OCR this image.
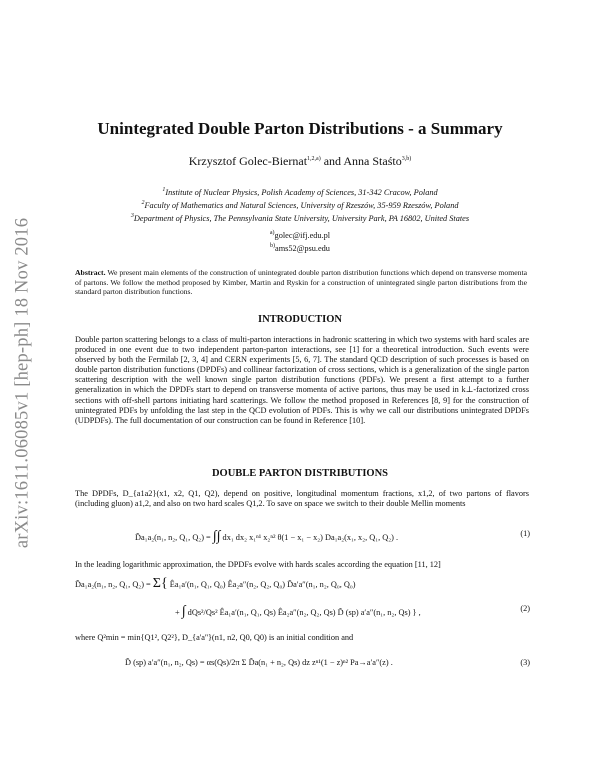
arXiv:1611.06085v1 [hep-ph] 18 Nov 2016
Unintegrated Double Parton Distributions - a Summary
Krzysztof Golec-Biernat$^{1,2,a)}$ and Anna Staśto$^{3,b)}$
$^1$Institute of Nuclear Physics, Polish Academy of Sciences, 31-342 Cracow, Poland
$^2$Faculty of Mathematics and Natural Sciences, University of Rzeszów, 35-959 Rzeszów, Poland
$^3$Department of Physics, The Pennsylvania State University, University Park, PA 16802, United States
$^{a)}$golec@ifj.edu.pl
$^{b)}$ams52@psu.edu
Abstract. We present main elements of the construction of unintegrated double parton distribution functions which depend on transverse momenta of partons. We follow the method proposed by Kimber, Martin and Ryskin for a construction of unintegrated single parton distributions from the standard parton distribution functions.
INTRODUCTION
Double parton scattering belongs to a class of multi-parton interactions in hadronic scattering in which two systems with hard scales are produced in one event due to two independent parton-parton interactions, see [1] for a theoretical introduction. Such events were observed by both the Fermilab [2, 3, 4] and CERN experiments [5, 6, 7]. The standard QCD description of such processes is based on double parton distribution functions (DPDFs) and collinear factorization of cross sections, which is a generalization of the single parton scattering description with the well known single parton distribution functions (PDFs). We present a first attempt to a further generalization in which the DPDFs start to depend on transverse momenta of active partons, thus may be used in k⊥-factorized cross sections with off-shell partons initiating hard scatterings. We follow the method proposed in References [8, 9] for the construction of unintegrated PDFs by unfolding the last step in the QCD evolution of PDFs. This is why we call our distributions unintegrated DPDFs (UDPDFs). The full documentation of our construction can be found in Reference [10].
DOUBLE PARTON DISTRIBUTIONS
The DPDFs, D_{a1a2}(x1, x2, Q1, Q2), depend on positive, longitudinal momentum fractions, x1,2, of two partons of flavors (including gluon) a1,2, and also on two hard scales Q1,2. To save on space we switch to their double Mellin moments
D̃a₁a₂(n₁, n₂, Q₁, Q₂) = ∫∫ dx₁ dx₂ x₁ⁿ¹ x₂ⁿ² θ(1 − x₁ − x₂) Da₁a₂(x₁, x₂, Q₁, Q₂) .	(1)
In the leading logarithmic approximation, the DPDFs evolve with hards scales according the equation [11, 12]
D̃a₁a₂(n₁, n₂, Q₁, Q₂) = Σ{ Êa₁a′(n₁, Q₁, Q₀) Êa₂a″(n₂, Q₂, Q₀) D̃a′a″(n₁, n₂, Q₀, Q₀)
+ ∫ dQs²/Qs² Êa₁a′(n₁, Q₁, Qs) Êa₂a″(n₂, Q₂, Qs) D̃ (sp) a′a″(n₁, n₂, Qs) } ,	(2)
where Q²min = min{Q1², Q2²}, D_{a'a''}(n1, n2, Q0, Q0) is an initial condition and
D̃ (sp) a′a″(n₁, n₂, Qs) = αs(Qs)/2π Σ D̃a(n₁ + n₂, Qs) dz zⁿ¹(1 − z)ⁿ² Pa→a′a″(z) .	(3)
